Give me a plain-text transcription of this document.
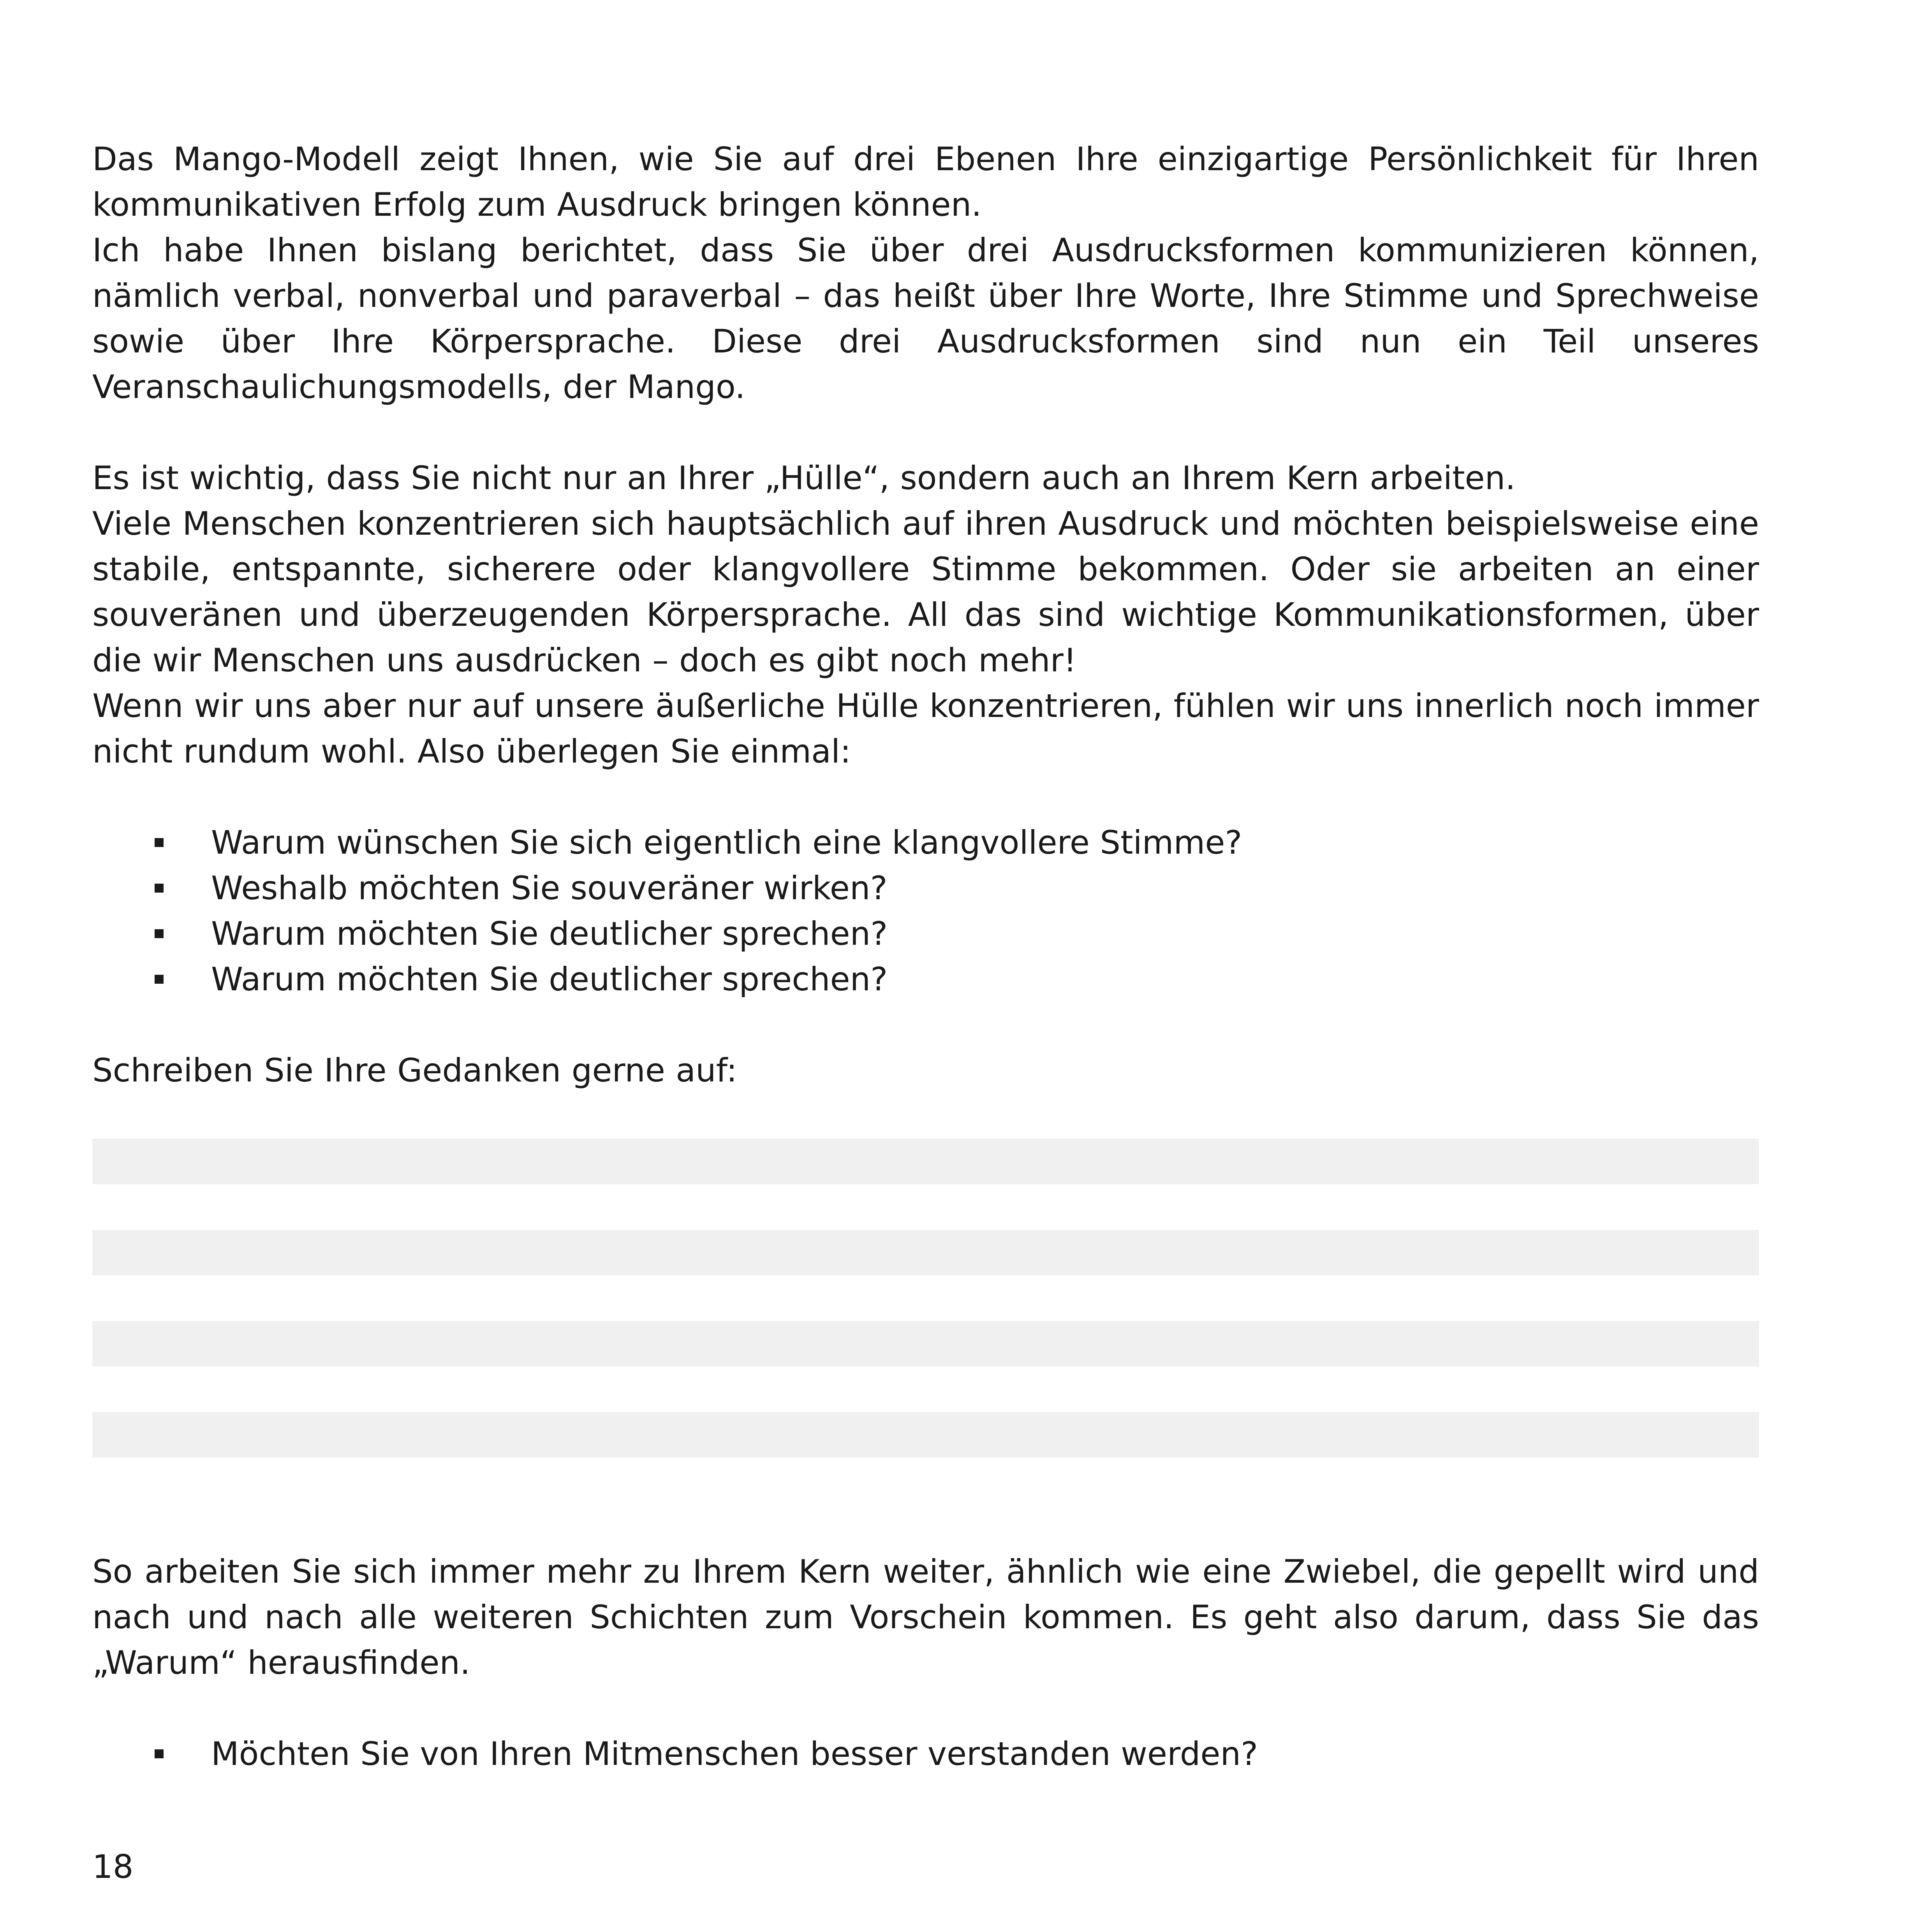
Das Mango-Modell zeigt Ihnen, wie Sie auf drei Ebenen Ihre einzigartige Persönlichkeit für Ihren kommunikativen Erfolg zum Ausdruck bringen können.

Ich habe Ihnen bislang berichtet, dass Sie über drei Ausdrucksformen kommunizieren können, nämlich verbal, nonverbal und paraverbal – das heißt über Ihre Worte, Ihre Stimme und Sprechweise sowie über Ihre Körpersprache. Diese drei Ausdrucksformen sind nun ein Teil unseres Veranschaulichungsmodells, der Mango.

Es ist wichtig, dass Sie nicht nur an Ihrer „Hülle“, sondern auch an Ihrem Kern arbeiten.

Viele Menschen konzentrieren sich hauptsächlich auf ihren Ausdruck und möchten beispielsweise eine stabile, entspannte, sicherere oder klangvollere Stimme bekommen. Oder sie arbeiten an einer souveränen und überzeugenden Körpersprache. All das sind wichtige Kommunikationsformen, über die wir Menschen uns ausdrücken – doch es gibt noch mehr!

Wenn wir uns aber nur auf unsere äußerliche Hülle konzentrieren, fühlen wir uns innerlich noch immer nicht rundum wohl. Also überlegen Sie einmal:

Warum wünschen Sie sich eigentlich eine klangvollere Stimme?
Weshalb möchten Sie souveräner wirken?
Warum möchten Sie deutlicher sprechen?
Warum möchten Sie deutlicher sprechen?

Schreiben Sie Ihre Gedanken gerne auf:

So arbeiten Sie sich immer mehr zu Ihrem Kern weiter, ähnlich wie eine Zwiebel, die gepellt wird und nach und nach alle weiteren Schichten zum Vorschein kommen. Es geht also darum, dass Sie das „Warum“ herausfinden.

Möchten Sie von Ihren Mitmenschen besser verstanden werden?
18
